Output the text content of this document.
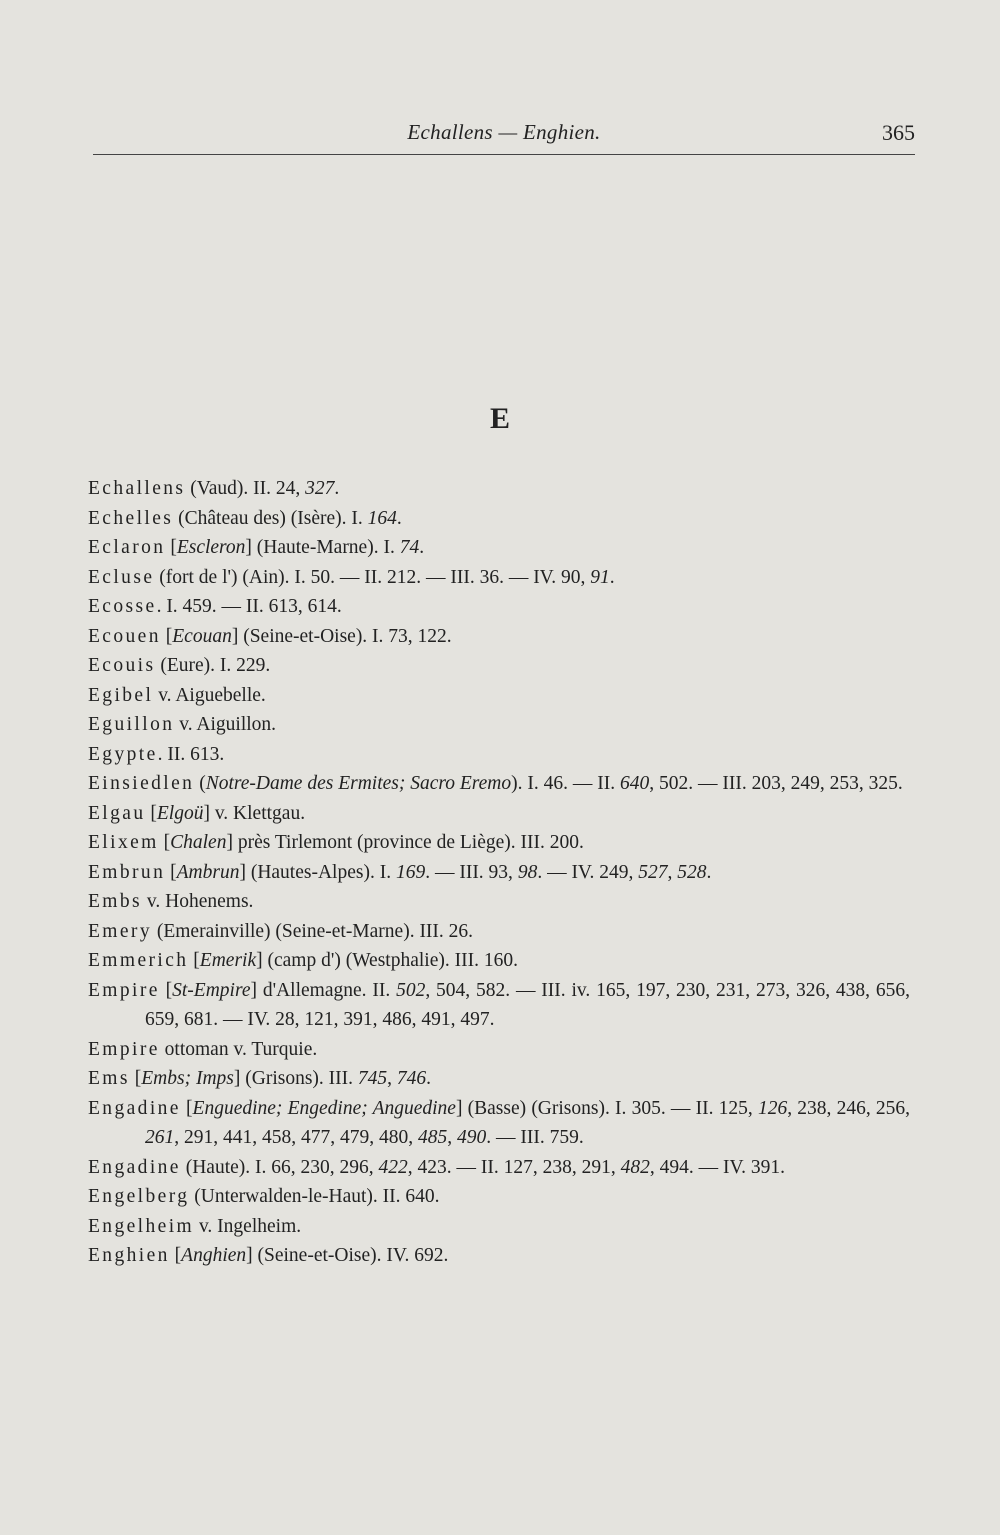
Echallens — Enghien.	365
E
Echallens (Vaud). II. 24, 327.
Echelles (Château des) (Isère). I. 164.
Eclaron [Escleron] (Haute-Marne). I. 74.
Ecluse (fort de l') (Ain). I. 50. — II. 212. — III. 36. — IV. 90, 91.
Ecosse. I. 459. — II. 613, 614.
Ecouen [Ecouan] (Seine-et-Oise). I. 73, 122.
Ecouis (Eure). I. 229.
Egibel v. Aiguebelle.
Eguillon v. Aiguillon.
Egypte. II. 613.
Einsiedlen (Notre-Dame des Ermites; Sacro Eremo). I. 46. — II. 640, 502. — III. 203, 249, 253, 325.
Elgau [Elgoü] v. Klettgau.
Elixem [Chalen] près Tirlemont (province de Liège). III. 200.
Embrun [Ambrun] (Hautes-Alpes). I. 169. — III. 93, 98. — IV. 249, 527, 528.
Embs v. Hohenems.
Emery (Emerainville) (Seine-et-Marne). III. 26.
Emmerich [Emerik] (camp d') (Westphalie). III. 160.
Empire [St-Empire] d'Allemagne. II. 502, 504, 582. — III. iv. 165, 197, 230, 231, 273, 326, 438, 656, 659, 681. — IV. 28, 121, 391, 486, 491, 497.
Empire ottoman v. Turquie.
Ems [Embs; Imps] (Grisons). III. 745, 746.
Engadine [Enguedine; Engedine; Anguedine] (Basse) (Grisons). I. 305. — II. 125, 126, 238, 246, 256, 261, 291, 441, 458, 477, 479, 480, 485, 490. — III. 759.
Engadine (Haute). I. 66, 230, 296, 422, 423. — II. 127, 238, 291, 482, 494. — IV. 391.
Engelberg (Unterwalden-le-Haut). II. 640.
Engelheim v. Ingelheim.
Enghien [Anghien] (Seine-et-Oise). IV. 692.
